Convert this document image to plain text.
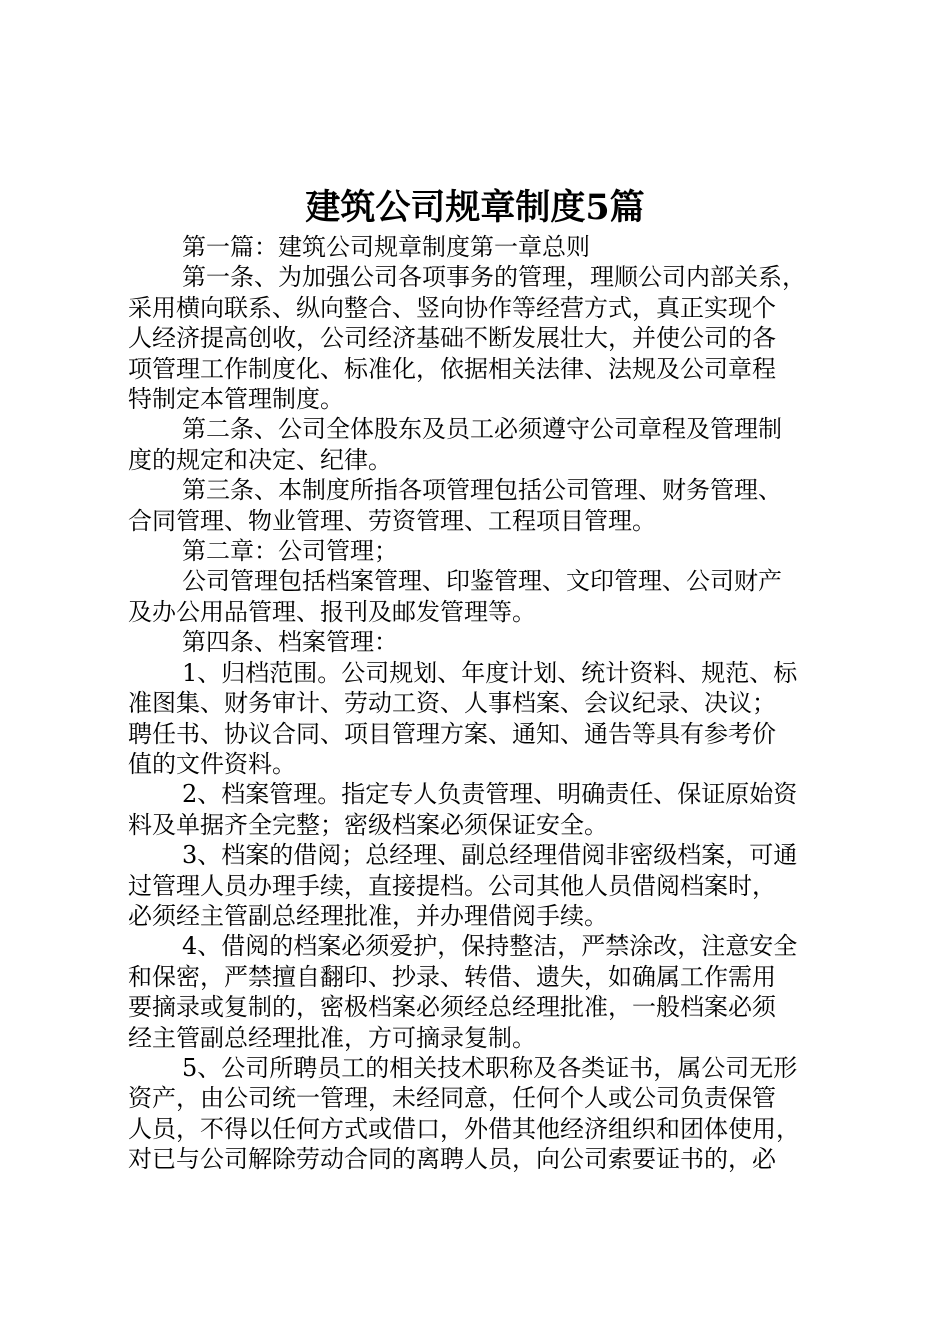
建筑公司规章制度5篇

第一篇：建筑公司规章制度第一章总则

第一条、为加强公司各项事务的管理，理顺公司内部关系，

采用横向联系、纵向整合、竖向协作等经营方式，真正实现个

人经济提高创收，公司经济基础不断发展壮大，并使公司的各

项管理工作制度化、标准化，依据相关法律、法规及公司章程

特制定本管理制度。

第二条、公司全体股东及员工必须遵守公司章程及管理制

度的规定和决定、纪律。

第三条、本制度所指各项管理包括公司管理、财务管理、

合同管理、物业管理、劳资管理、工程项目管理。

第二章：公司管理；

公司管理包括档案管理、印鉴管理、文印管理、公司财产

及办公用品管理、报刊及邮发管理等。

第四条、档案管理：

1、归档范围。公司规划、年度计划、统计资料、规范、标

准图集、财务审计、劳动工资、人事档案、会议纪录、决议；

聘任书、协议合同、项目管理方案、通知、通告等具有参考价

值的文件资料。

2、档案管理。指定专人负责管理、明确责任、保证原始资

料及单据齐全完整；密级档案必须保证安全。

3、档案的借阅；总经理、副总经理借阅非密级档案，可通

过管理人员办理手续，直接提档。公司其他人员借阅档案时，

必须经主管副总经理批准，并办理借阅手续。

4、借阅的档案必须爱护，保持整洁，严禁涂改，注意安全

和保密，严禁擅自翻印、抄录、转借、遗失，如确属工作需用

要摘录或复制的，密极档案必须经总经理批准，一般档案必须

经主管副总经理批准，方可摘录复制。

5、公司所聘员工的相关技术职称及各类证书，属公司无形

资产，由公司统一管理，未经同意，任何个人或公司负责保管

人员，不得以任何方式或借口，外借其他经济组织和团体使用，

对已与公司解除劳动合同的离聘人员，向公司索要证书的，必
